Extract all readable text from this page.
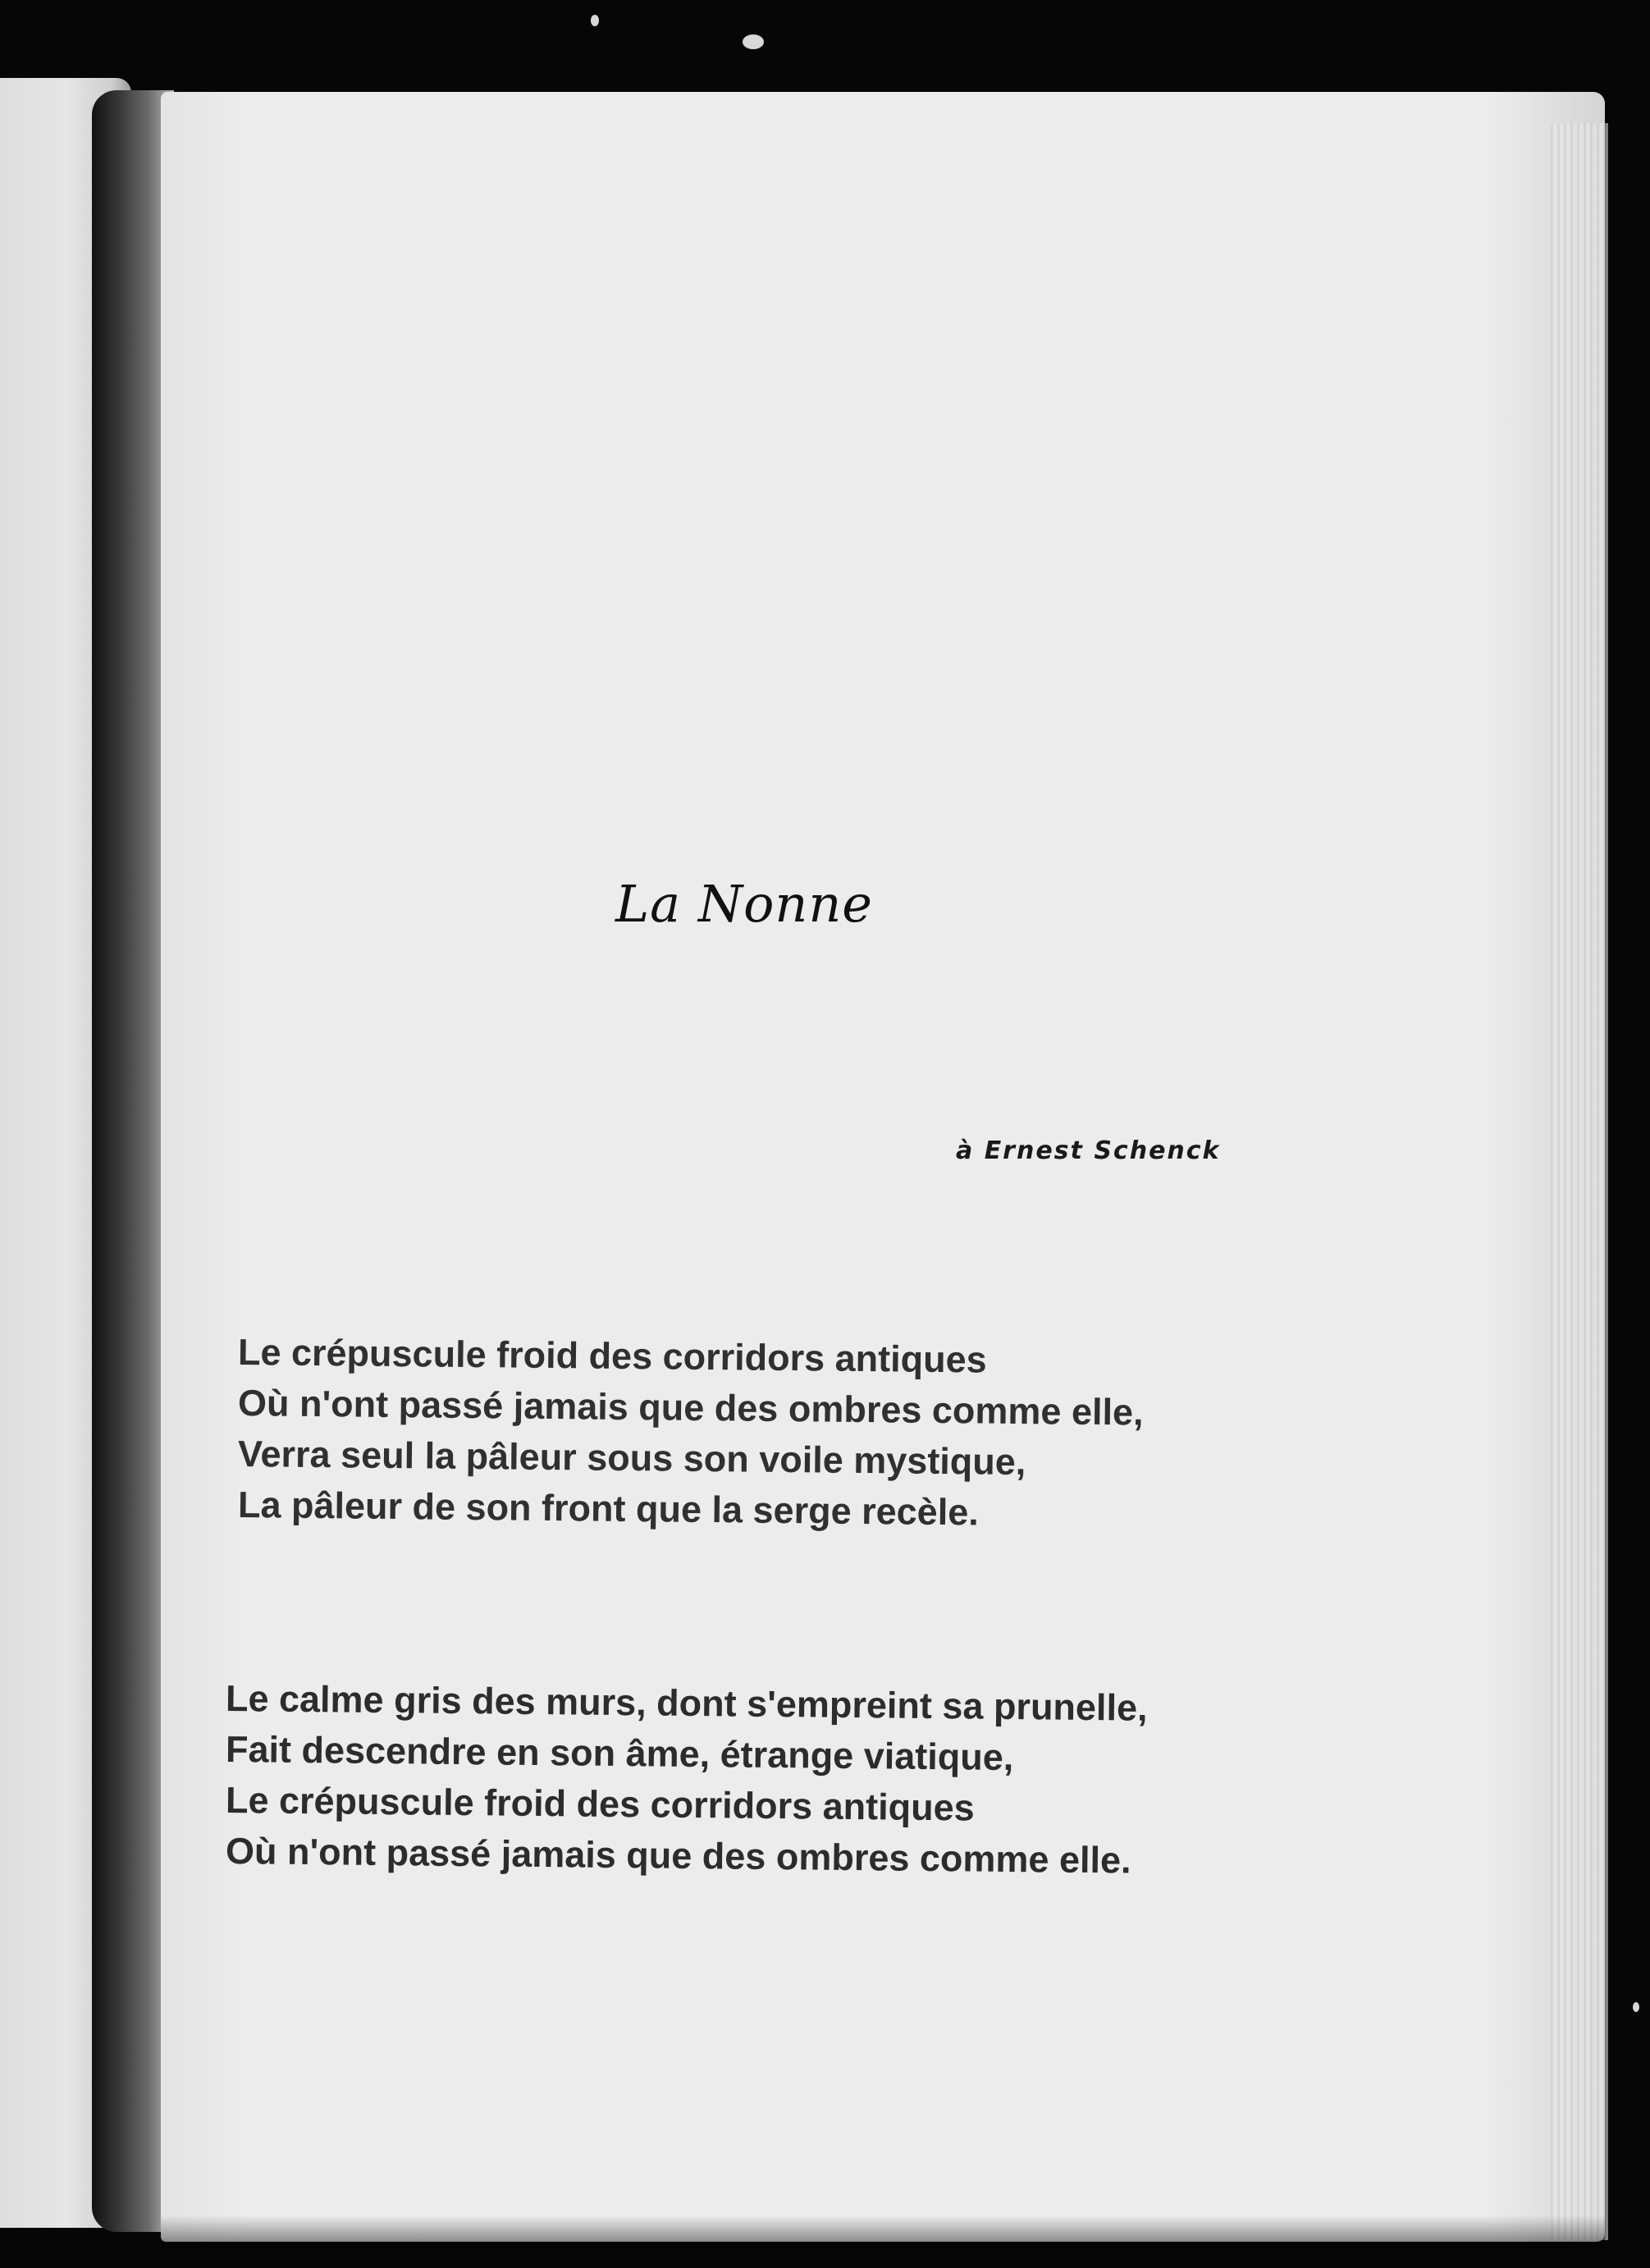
La Nonne

à Ernest Schenck

Le crépuscule froid des corridors antiques
Où n'ont passé jamais que des ombres comme elle,
Verra seul la pâleur sous son voile mystique,
La pâleur de son front que la serge recèle.
Le calme gris des murs, dont s'empreint sa prunelle,
Fait descendre en son âme, étrange viatique,
Le crépuscule froid des corridors antiques
Où n'ont passé jamais que des ombres comme elle.
